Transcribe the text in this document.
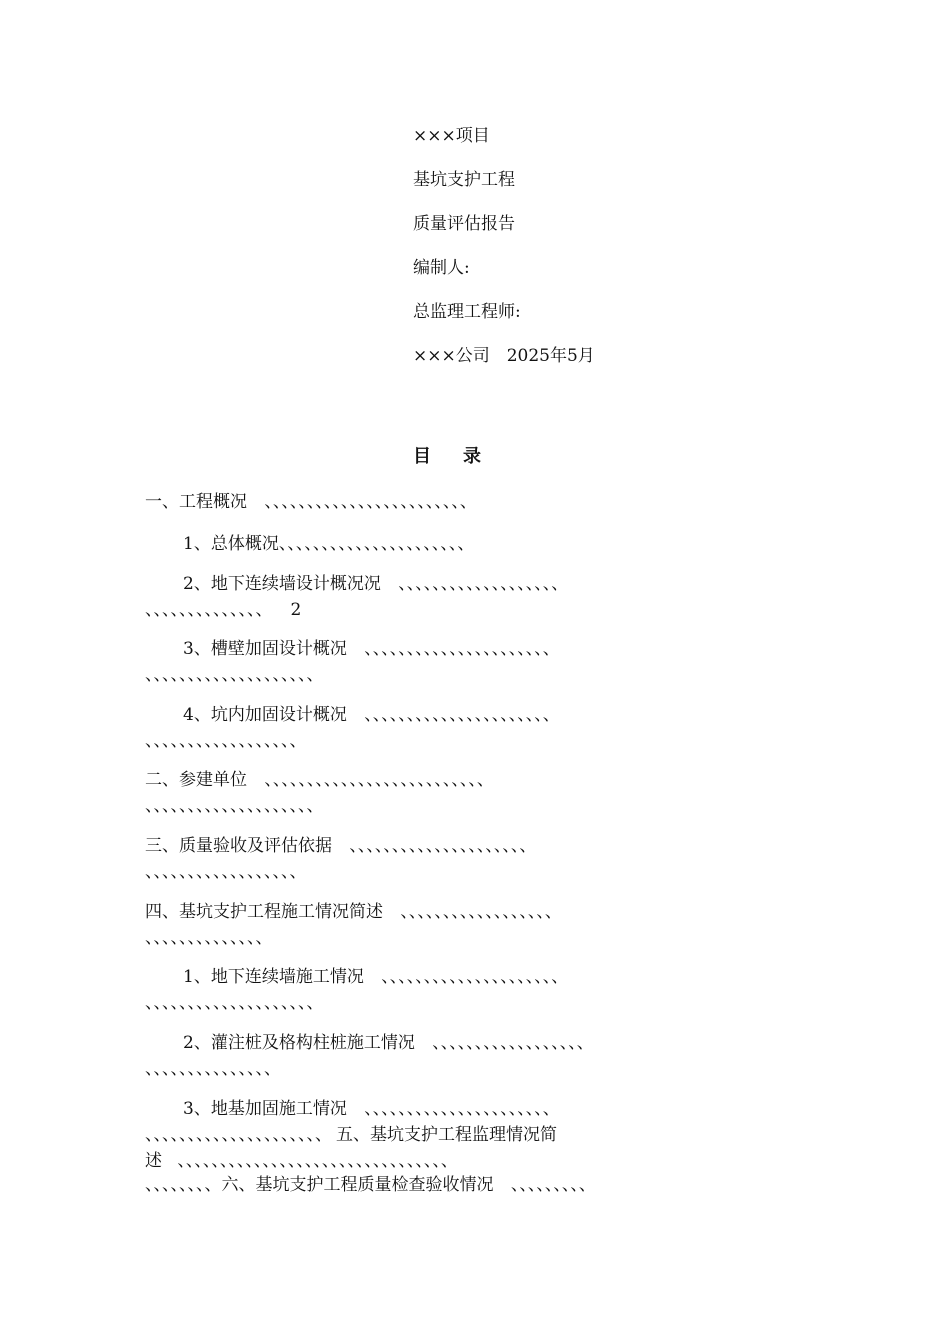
×××项目
基坑支护工程
质量评估报告
编制人:
总监理工程师:
×××公司　2025年5月
目 录
一、工程概况 、、、、、、、、、、、、、、、、、、、、、、、、
1、总体概况、、、、、、、、、、、、、、、、、、、、、、
2、地下连续墙设计概况况 、、、、、、、、、、、、、、、、、、、
、、、、、、、、、、、、、、 2
3、槽壁加固设计概况 、、、、、、、、、、、、、、、、、、、、、、
、、、、、、、、、、、、、、、、、、、、
4、坑内加固设计概况 、、、、、、、、、、、、、、、、、、、、、、
、、、、、、、、、、、、、、、、、、
二、参建单位 、、、、、、、、、、、、、、、、、、、、、、、、、、
、、、、、、、、、、、、、、、、、、、、
三、质量验收及评估依据 、、、、、、、、、、、、、、、、、、、、、
、、、、、、、、、、、、、、、、、、
四、基坑支护工程施工情况简述 、、、、、、、、、、、、、、、、、、
、、、、、、、、、、、、、、
1、地下连续墙施工情况 、、、、、、、、、、、、、、、、、、、、、
、、、、、、、、、、、、、、、、、、、、
2、灌注桩及格构柱桩施工情况 、、、、、、、、、、、、、、、、、、
、、、、、、、、、、、、、、、
3、地基加固施工情况 、、、、、、、、、、、、、、、、、、、、、、
、、、、、、、、、、、、、、、、、、、、、 五、基坑支护工程监理情况简
述 、、、、、、、、、、、、、、、、、、、、、、、、、、、、、、、、
、、、、、、、、六、基坑支护工程质量检查验收情况 、、、、、、、、、
